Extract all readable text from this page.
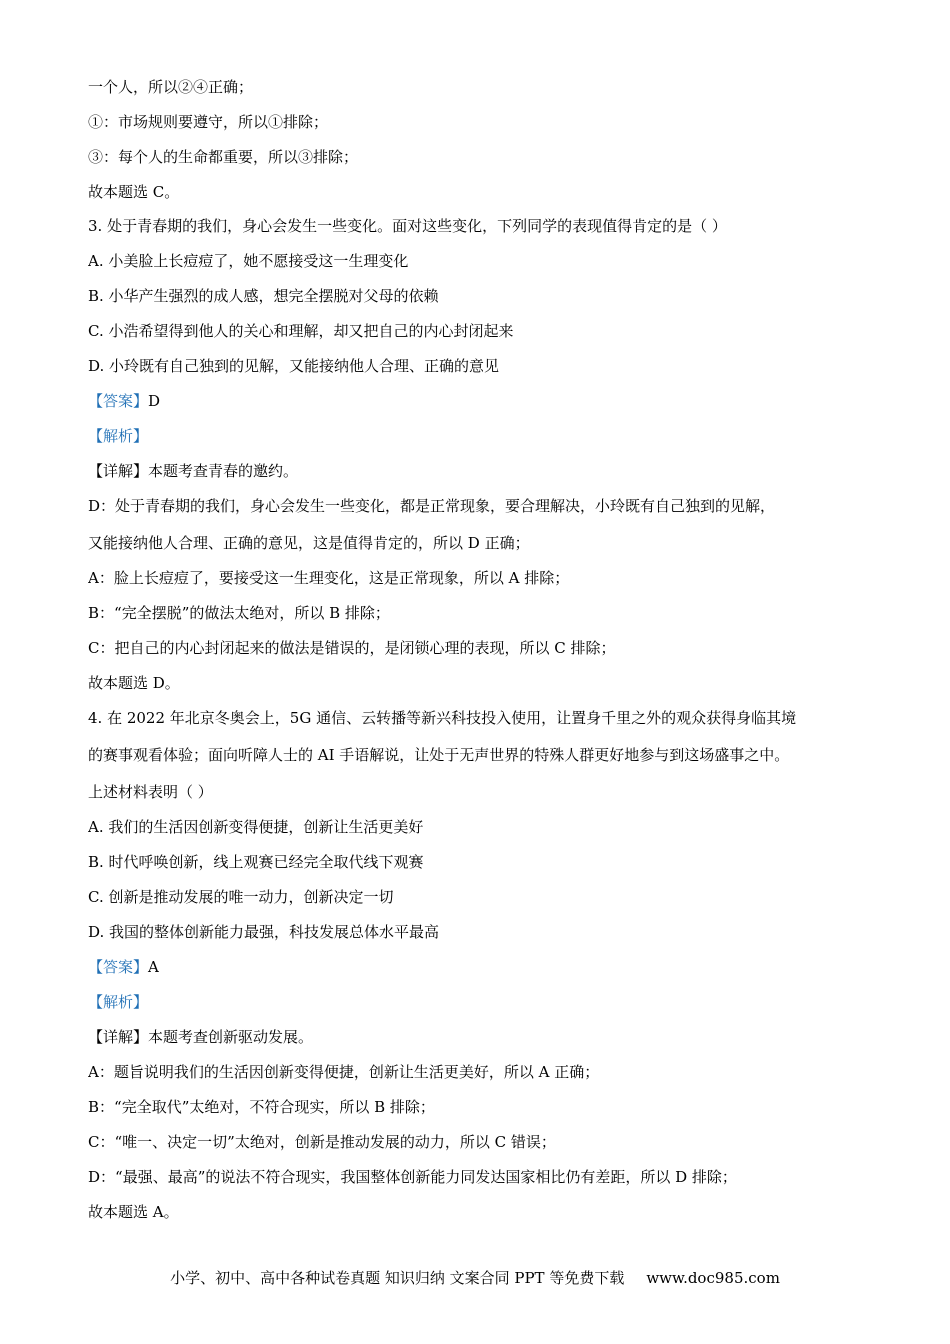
一个人，所以②④正确；
①：市场规则要遵守，所以①排除；
③：每个人的生命都重要，所以③排除；
故本题选 C。
3. 处于青春期的我们，身心会发生一些变化。面对这些变化，下列同学的表现值得肯定的是（ ）
A. 小美脸上长痘痘了，她不愿接受这一生理变化
B. 小华产生强烈的成人感，想完全摆脱对父母的依赖
C. 小浩希望得到他人的关心和理解，却又把自己的内心封闭起来
D. 小玲既有自己独到的见解，又能接纳他人合理、正确的意见
【答案】D
【解析】
【详解】本题考查青春的邀约。
D：处于青春期的我们，身心会发生一些变化，都是正常现象，要合理解决，小玲既有自己独到的见解，
又能接纳他人合理、正确的意见，这是值得肯定的，所以 D 正确；
A：脸上长痘痘了，要接受这一生理变化，这是正常现象，所以 A 排除；
B：“完全摆脱”的做法太绝对，所以 B 排除；
C：把自己的内心封闭起来的做法是错误的，是闭锁心理的表现，所以 C 排除；
故本题选 D。
4. 在 2022 年北京冬奥会上，5G 通信、云转播等新兴科技投入使用，让置身千里之外的观众获得身临其境
的赛事观看体验；面向听障人士的 AI 手语解说，让处于无声世界的特殊人群更好地参与到这场盛事之中。
上述材料表明（ ）
A. 我们的生活因创新变得便捷，创新让生活更美好
B. 时代呼唤创新，线上观赛已经完全取代线下观赛
C. 创新是推动发展的唯一动力，创新决定一切
D. 我国的整体创新能力最强，科技发展总体水平最高
【答案】A
【解析】
【详解】本题考查创新驱动发展。
A：题旨说明我们的生活因创新变得便捷，创新让生活更美好，所以 A 正确；
B：“完全取代”太绝对，不符合现实，所以 B 排除；
C：“唯一、决定一切”太绝对，创新是推动发展的动力，所以 C 错误；
D：“最强、最高”的说法不符合现实，我国整体创新能力同发达国家相比仍有差距，所以 D 排除；
故本题选 A。
小学、初中、高中各种试卷真题 知识归纳 文案合同 PPT 等免费下载 www.doc985.com
